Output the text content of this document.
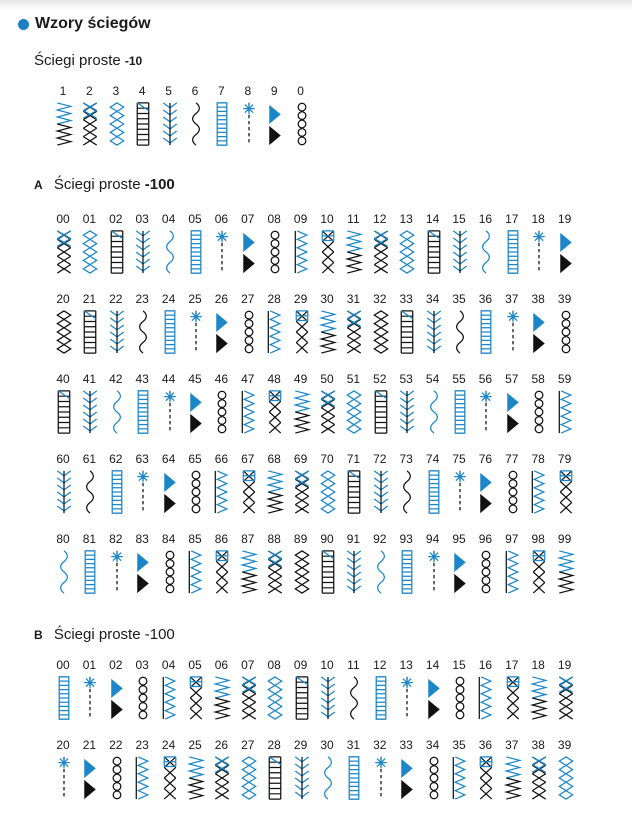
Wzory ściegów
Ściegi proste -10
A Ściegi proste -100
B Ściegi proste -100
1	2	3	4	5	6	7	8	9	0
00	01	02	03	04	05	06	07	08	09	10	11	12	13	14	15	16	17	18	19
20	21	22	23	24	25	26	27	28	29	30	31	32	33	34	35	36	37	38	39
40	41	42	43	44	45	46	47	48	49	50	51	52	53	54	55	56	57	58	59
60	61	62	63	64	65	66	67	68	69	70	71	72	73	74	75	76	77	78	79
80	81	82	83	84	85	86	87	88	89	90	91	92	93	94	95	96	97	98	99
00	01	02	03	04	05	06	07	08	09	10	11	12	13	14	15	16	17	18	19
20	21	22	23	24	25	26	27	28	29	30	31	32	33	34	35	36	37	38	39
